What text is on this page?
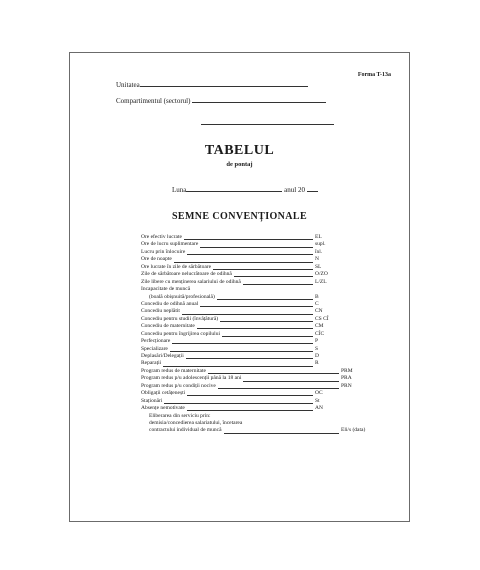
Forma T-13a
Unitatea
Compartimentul (sectorul)
TABELUL
de pontaj
Luna	anul 20
SEMNE CONVENȚIONALE
Ore efectiv lucrate	EL
Ore de lucru suplimentare	supl.
Lucru prin înlocuire	înl.
Ore de noapte	N
Ore lucrate în zile de sărbătoare	SL
Zile de sărbătoare nelucrătoare de odihnă	O/ZO
Zile libere cu menținerea salariului de odihnă	L/ZL
Incapacitate de muncă
(boală obișnuită/profesională)	B
Concediu de odihnă anual	C
Concediu neplătit	CN
Concediu pentru studii (învățătură)	CS CÎ
Concediu de maternitate	CM
Concediu pentru îngrijirea copilului	CÎC
Perfecționare	P
Specializare	S
Deplasări/Delegații	D
Reparații	R
Program redus de maternitate	PRM
Program redus p/u adolescenții până la 18 ani	PRA
Program redus p/u condiții nocive	PRN
Obligații cetățenești	OC
Staționări	St
Absențe nemotivate	AN
Eliberarea din serviciu prin:
demisia/concedierea salariatului, încetarea
contractului individual de muncă	Eli/s (data)
